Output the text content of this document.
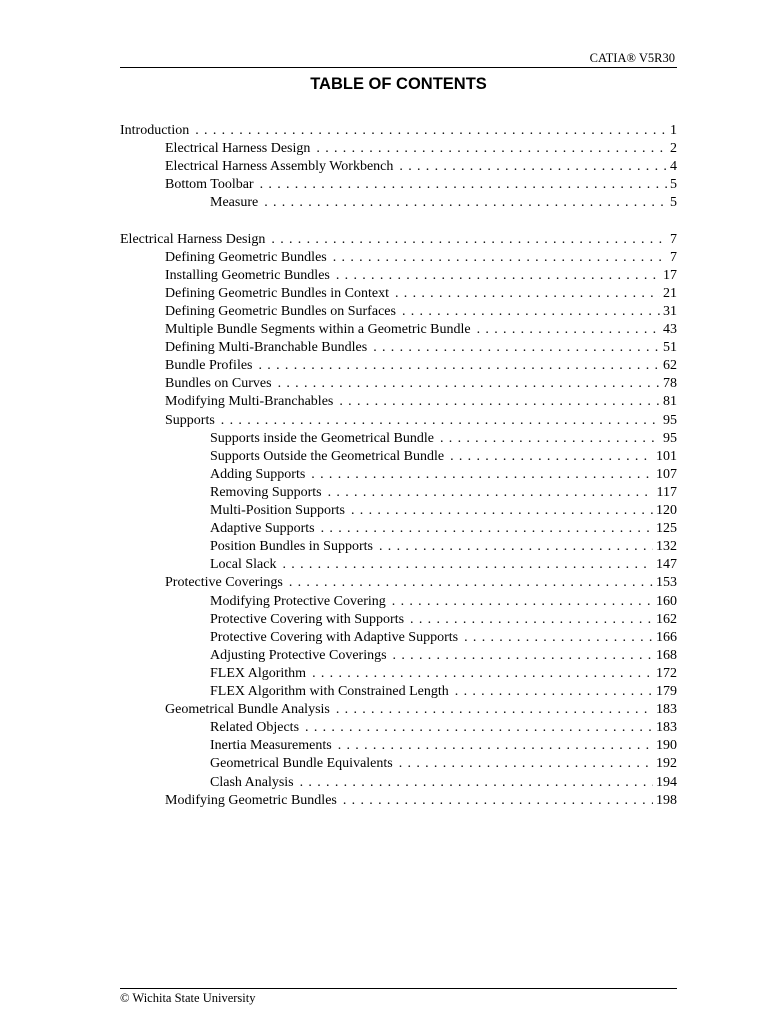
CATIA® V5R30
TABLE OF CONTENTS
Introduction . . .	1
Electrical Harness Design . . .	2
Electrical Harness Assembly Workbench . . .	4
Bottom Toolbar . . .	5
Measure . . .	5
Electrical Harness Design . . .	7
Defining Geometric Bundles . . .	7
Installing Geometric Bundles . . .	17
Defining Geometric Bundles in Context . . .	21
Defining Geometric Bundles on Surfaces . . .	31
Multiple Bundle Segments within a Geometric Bundle . . .	43
Defining Multi-Branchable Bundles . . .	51
Bundle Profiles . . .	62
Bundles on Curves . . .	78
Modifying Multi-Branchables . . .	81
Supports . . .	95
Supports inside the Geometrical Bundle . . .	95
Supports Outside the Geometrical Bundle . . .	101
Adding Supports . . .	107
Removing Supports . . .	117
Multi-Position Supports . . .	120
Adaptive Supports . . .	125
Position Bundles in Supports . . .	132
Local Slack . . .	147
Protective Coverings . . .	153
Modifying Protective Covering . . .	160
Protective Covering with Supports . . .	162
Protective Covering with Adaptive Supports . . .	166
Adjusting Protective Coverings . . .	168
FLEX Algorithm . . .	172
FLEX Algorithm with Constrained Length . . .	179
Geometrical Bundle Analysis . . .	183
Related Objects . . .	183
Inertia Measurements . . .	190
Geometrical Bundle Equivalents . . .	192
Clash Analysis . . .	194
Modifying Geometric Bundles . . .	198
© Wichita State University
